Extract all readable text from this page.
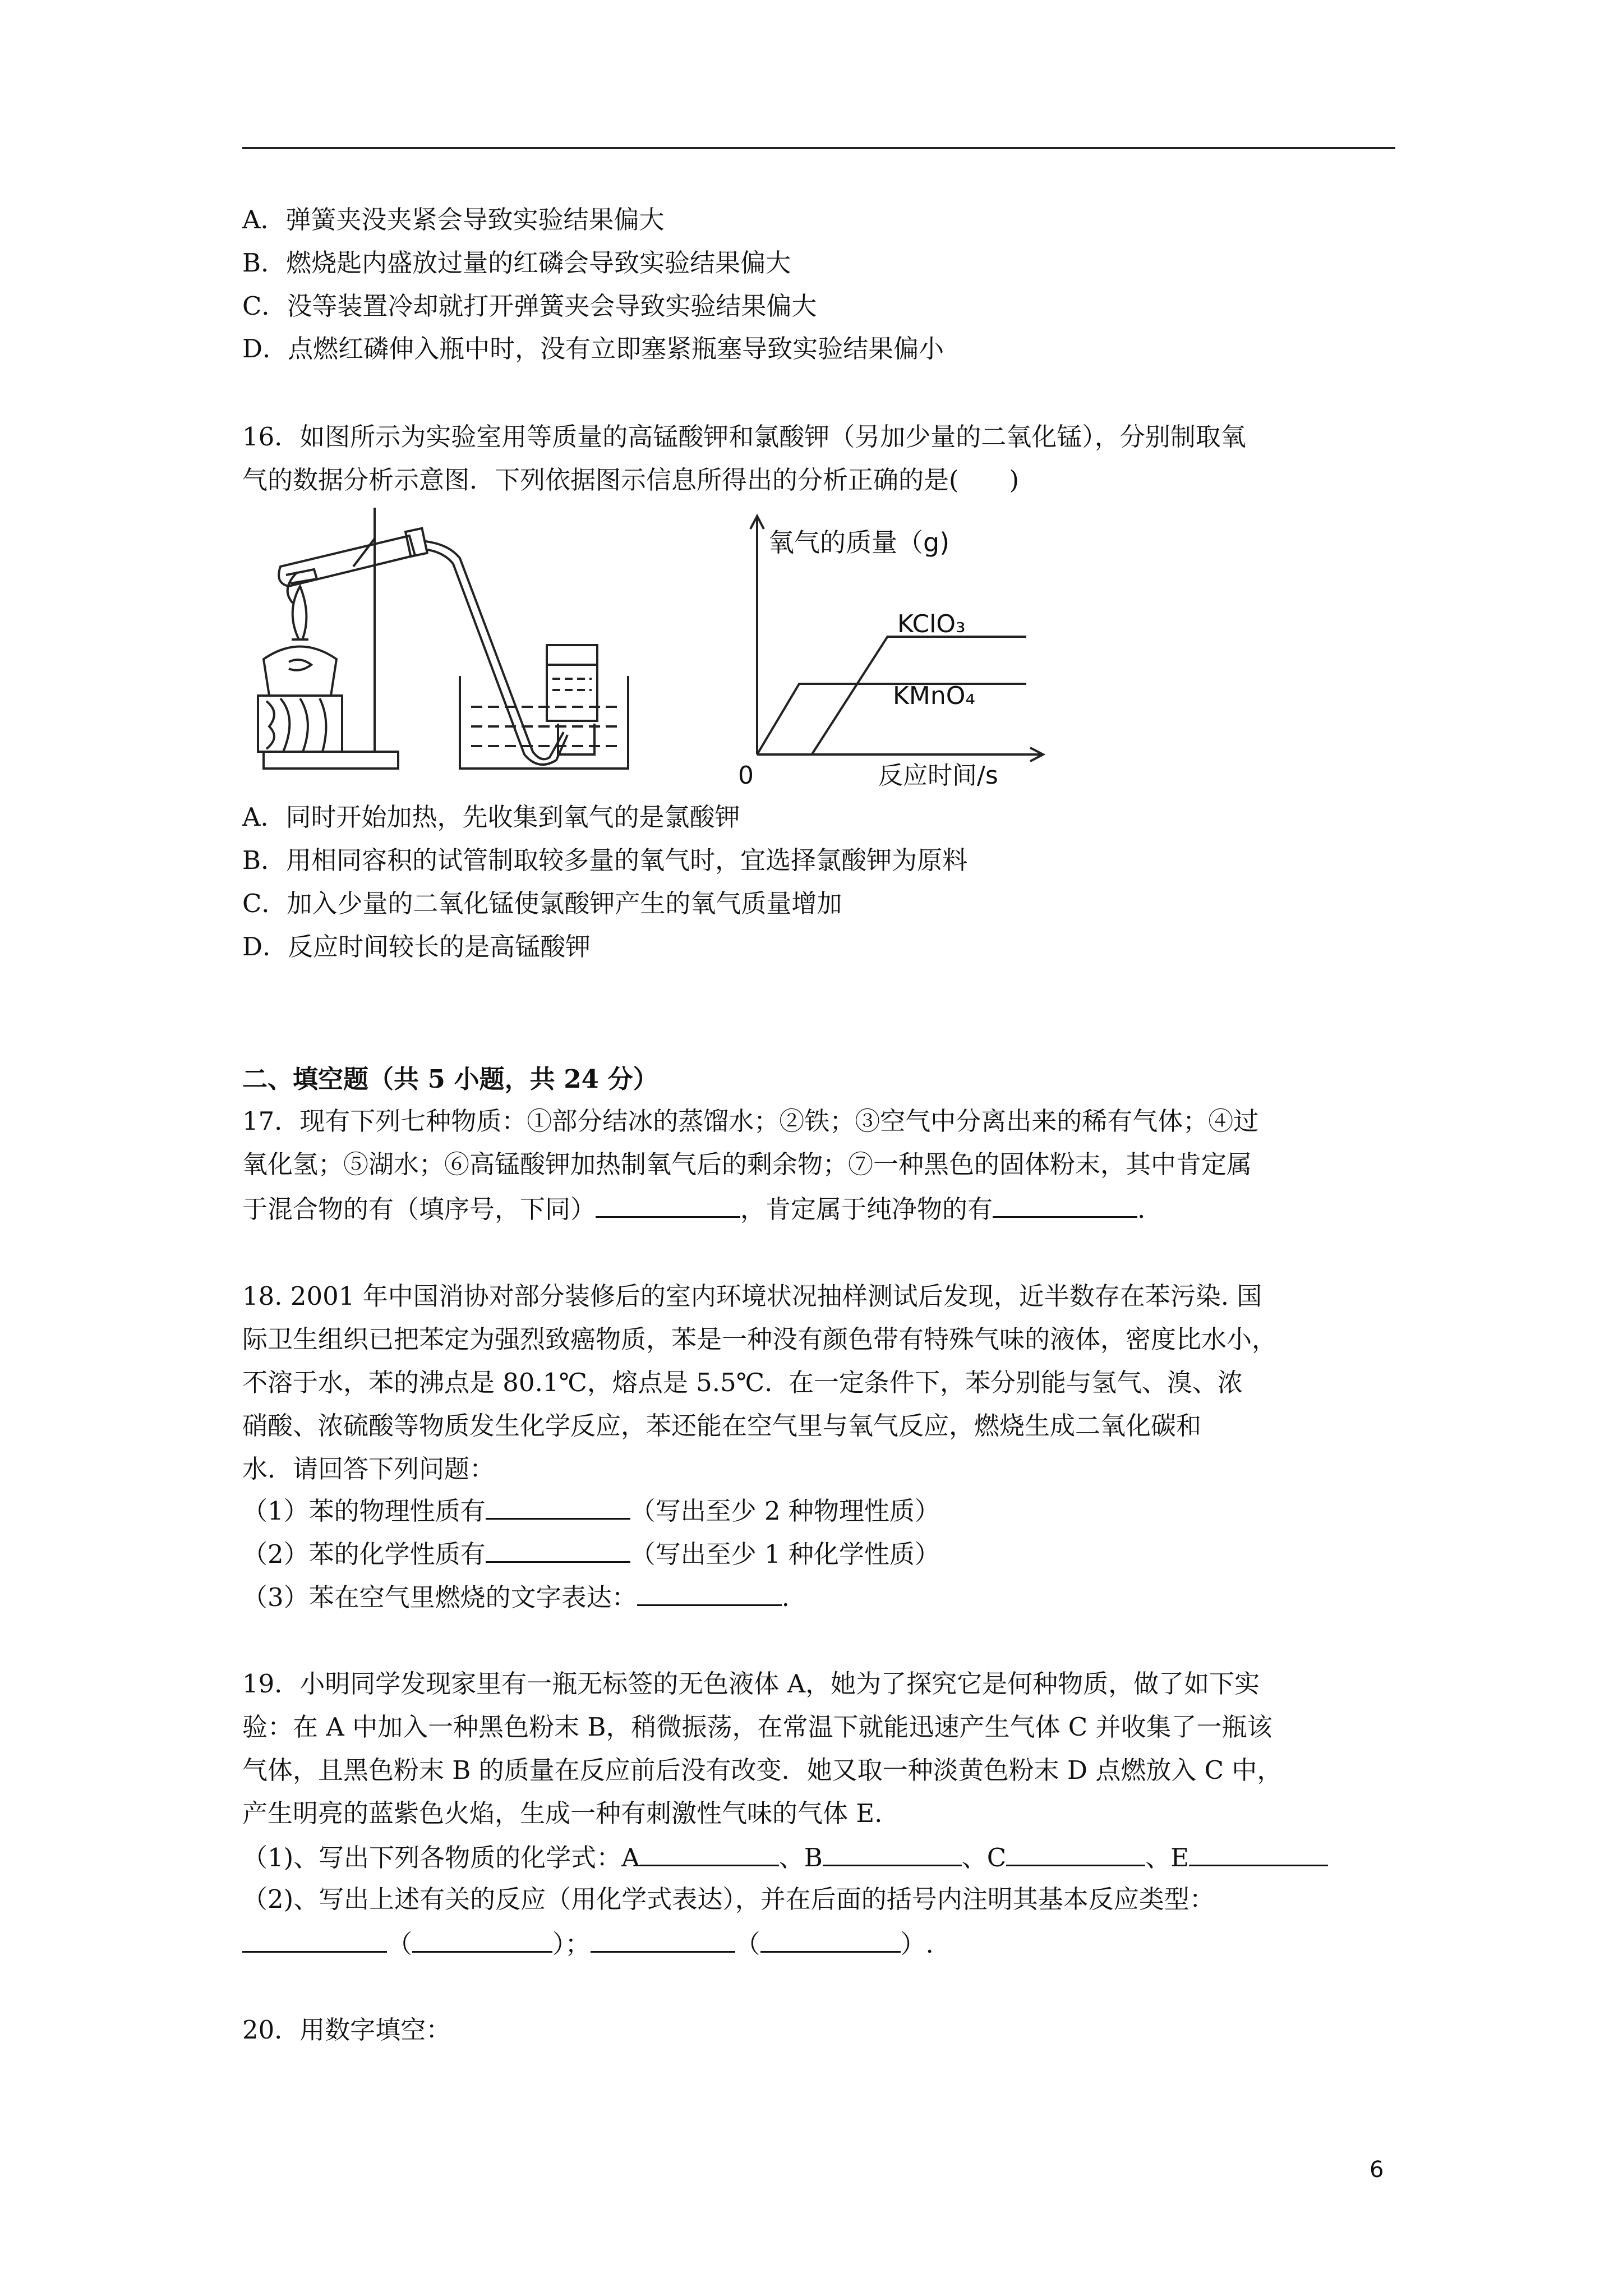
A．弹簧夹没夹紧会导致实验结果偏大
B．燃烧匙内盛放过量的红磷会导致实验结果偏大
C．没等装置冷却就打开弹簧夹会导致实验结果偏大
D．点燃红磷伸入瓶中时，没有立即塞紧瓶塞导致实验结果偏小
16．如图所示为实验室用等质量的高锰酸钾和氯酸钾（另加少量的二氧化锰），分别制取氧
气的数据分析示意图．下列依据图示信息所得出的分析正确的是(　　)
氧气的质量（g)
KClO₃
KMnO₄
0	反应时间/s
A．同时开始加热，先收集到氧气的是氯酸钾
B．用相同容积的试管制取较多量的氧气时，宜选择氯酸钾为原料
C．加入少量的二氧化锰使氯酸钾产生的氧气质量增加
D．反应时间较长的是高锰酸钾
二、填空题（共 5 小题，共 24 分）
17．现有下列七种物质：①部分结冰的蒸馏水；②铁；③空气中分离出来的稀有气体；④过
氧化氢；⑤湖水；⑥高锰酸钾加热制氧气后的剩余物；⑦一种黑色的固体粉末，其中肯定属
于混合物的有（填序号，下同）	，肯定属于纯净物的有	.
18. 2001 年中国消协对部分装修后的室内环境状况抽样测试后发现，近半数存在苯污染. 国
际卫生组织已把苯定为强烈致癌物质，苯是一种没有颜色带有特殊气味的液体，密度比水小，
不溶于水，苯的沸点是 80.1℃，熔点是 5.5℃.  在一定条件下，苯分别能与氢气、溴、浓
硝酸、浓硫酸等物质发生化学反应，苯还能在空气里与氧气反应，燃烧生成二氧化碳和
水．请回答下列问题：
（1）苯的物理性质有	（写出至少 2 种物理性质）
（2）苯的化学性质有	（写出至少 1 种化学性质）
（3）苯在空气里燃烧的文字表达：	.
19．小明同学发现家里有一瓶无标签的无色液体 A，她为了探究它是何种物质，做了如下实
验：在 A 中加入一种黑色粉末 B，稍微振荡，在常温下就能迅速产生气体 C 并收集了一瓶该
气体，且黑色粉末 B 的质量在反应前后没有改变．她又取一种淡黄色粉末 D 点燃放入 C 中，
产生明亮的蓝紫色火焰，生成一种有刺激性气味的气体 E.
（1)、写出下列各物质的化学式：A	、B	、C	、E
（2)、写出上述有关的反应（用化学式表达），并在后面的括号内注明其基本反应类型：
（	）；	（	）.
20．用数字填空：
6
